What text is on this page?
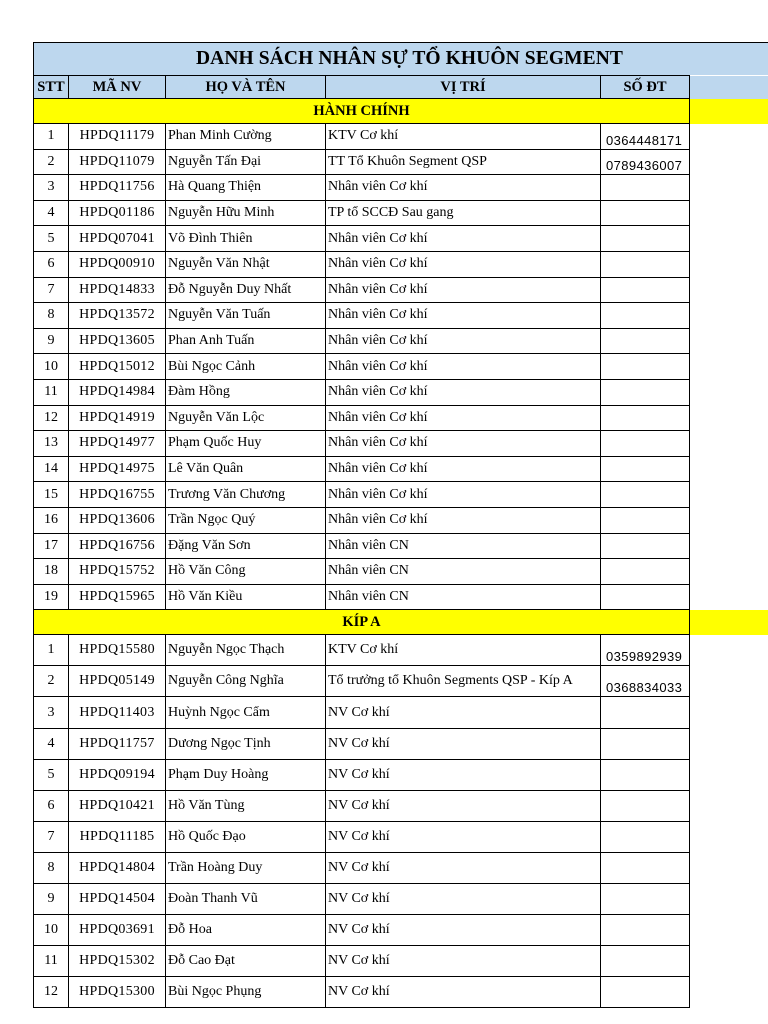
DANH SÁCH NHÂN SỰ TỔ KHUÔN SEGMENT					
STT	MÃ NV	HỌ VÀ TÊN	VỊ TRÍ	SỐ ĐT	
HÀNH CHÍNH					
1	HPDQ11179	Phan Minh Cường	KTV Cơ khí	0364448171	
2	HPDQ11079	Nguyễn Tấn Đại	TT Tổ Khuôn Segment QSP	0789436007	
3	HPDQ11756	Hà Quang Thiện	Nhân viên Cơ khí		
4	HPDQ01186	Nguyễn Hữu Minh	TP tổ SCCĐ Sau gang		
5	HPDQ07041	Võ Đình Thiên	Nhân viên Cơ khí		
6	HPDQ00910	Nguyễn Văn Nhật	Nhân viên Cơ khí		
7	HPDQ14833	Đỗ Nguyễn Duy Nhất	Nhân viên Cơ khí		
8	HPDQ13572	Nguyễn Văn Tuấn	Nhân viên Cơ khí		
9	HPDQ13605	Phan Anh Tuấn	Nhân viên Cơ khí		
10	HPDQ15012	Bùi Ngọc Cảnh	Nhân viên Cơ khí		
11	HPDQ14984	Đàm Hồng	Nhân viên Cơ khí		
12	HPDQ14919	Nguyễn Văn Lộc	Nhân viên Cơ khí		
13	HPDQ14977	Phạm Quốc Huy	Nhân viên Cơ khí		
14	HPDQ14975	Lê Văn Quân	Nhân viên Cơ khí		
15	HPDQ16755	Trương Văn Chương	Nhân viên Cơ khí		
16	HPDQ13606	Trần Ngọc Quý	Nhân viên Cơ khí		
17	HPDQ16756	Đặng Văn Sơn	Nhân viên CN		
18	HPDQ15752	Hồ Văn Công	Nhân viên CN		
19	HPDQ15965	Hồ Văn Kiều	Nhân viên CN		
KÍP A					
1	HPDQ15580	Nguyễn Ngọc Thạch	KTV Cơ khí	0359892939	
2	HPDQ05149	Nguyễn Công Nghĩa	Tổ trưởng tổ Khuôn Segments QSP - Kíp A	0368834033	
3	HPDQ11403	Huỳnh Ngọc Cẩm	NV Cơ khí		
4	HPDQ11757	Dương Ngọc Tịnh	NV Cơ khí		
5	HPDQ09194	Phạm Duy Hoàng	NV Cơ khí		
6	HPDQ10421	Hồ Văn Tùng	NV Cơ khí		
7	HPDQ11185	Hồ Quốc Đạo	NV Cơ khí		
8	HPDQ14804	Trần Hoàng Duy	NV Cơ khí		
9	HPDQ14504	Đoàn Thanh Vũ	NV Cơ khí		
10	HPDQ03691	Đỗ Hoa	NV Cơ khí		
11	HPDQ15302	Đỗ Cao Đạt	NV Cơ khí		
12	HPDQ15300	Bùi Ngọc Phụng	NV Cơ khí		
